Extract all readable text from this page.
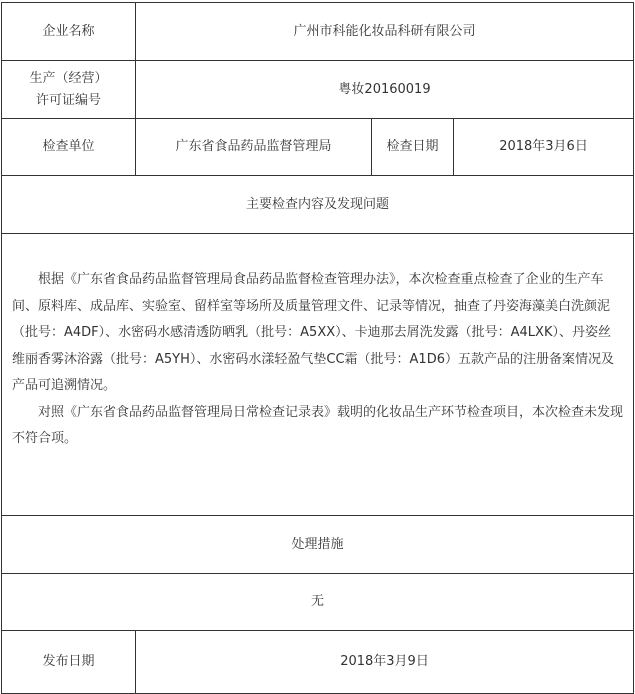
企业名称	广州市科能化妆品科研有限公司		

生产（经营）
许可证编号	粤妆20160019		
检查单位	广东省食品药品监督管理局	检查日期	2018年3月6日
主要检查内容及发现问题			

根据《广东省食品药品监督管理局食品药品监督检查管理办法》，本次检查重点检查了企业的生产车间、原料库、成品库、实验室、留样室等场所及质量管理文件、记录等情况，抽查了丹姿海藻美白洗颜泥（批号：A4DF）、水密码水感清透防晒乳（批号：A5XX）、卡迪那去屑洗发露（批号：A4LXK）、丹姿丝维丽香雾沐浴露（批号：A5YH）、水密码水漾轻盈气垫CC霜（批号：A1D6）五款产品的注册备案情况及产品可追溯情况。

对照《广东省食品药品监督管理局日常检查记录表》载明的化妆品生产环节检查项目，本次检查未发现不符合项。			

处理措施			
无			
发布日期	2018年3月9日		
